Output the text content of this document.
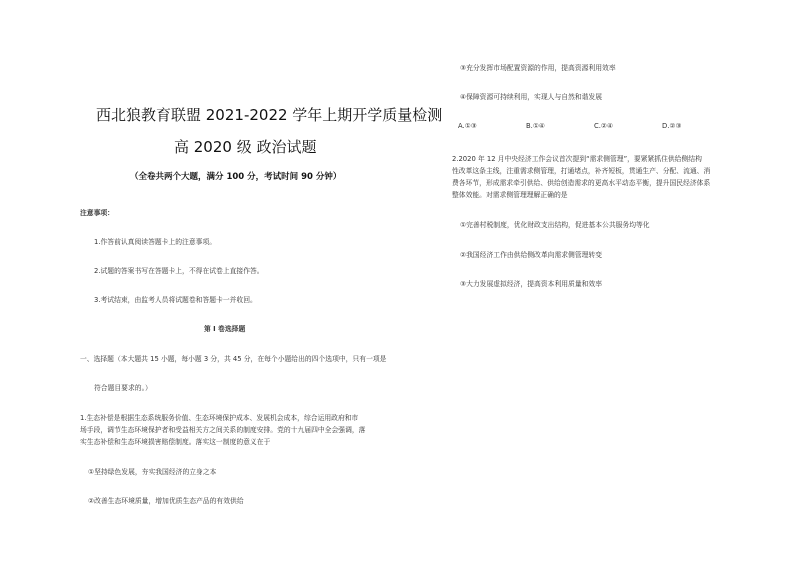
西北狼教育联盟 2021-2022 学年上期开学质量检测
高 2020 级 政治试题
（全卷共两个大题，满分 100 分，考试时间 90 分钟）
注意事项：
1.作答前认真阅读答题卡上的注意事项。
2.试题的答案书写在答题卡上，不得在试卷上直接作答。
3.考试结束，由监考人员将试题卷和答题卡一并收回。
第 I 卷选择题
一、选择题（本大题共 15 小题，每小题 3 分，共 45 分，在每个小题给出的四个选项中，只有一项是
符合题目要求的。）
1.生态补偿是根据生态系统服务价值、生态环境保护成本、发展机会成本，综合运用政府和市
场手段，调节生态环境保护者和受益相关方之间关系的制度安排。党的十九届四中全会强调，落
实生态补偿和生态环境损害赔偿制度。落实这一制度的意义在于
①坚持绿色发展，夯实我国经济的立身之本
②改善生态环境质量，增加优质生态产品的有效供给
③充分发挥市场配置资源的作用，提高资源利用效率
④保障资源可持续利用，实现人与自然和谐发展
A.①③	B.①④	C.②④	D.②③
2.2020 年 12 月中央经济工作会议首次提到“需求侧管理”，要紧紧抓住供给侧结构
性改革这条主线，注重需求侧管理，打通堵点，补齐短板，贯通生产、分配、流通、消
费各环节，形成需求牵引供给、供给创造需求的更高水平动态平衡，提升国民经济体系
整体效能。对需求侧管理理解正确的是
①完善村税制度，优化财政支出结构，促进基本公共服务均等化
②我国经济工作由供给侧改革向需求侧管理转变
③大力发展虚拟经济，提高资本利用质量和效率
